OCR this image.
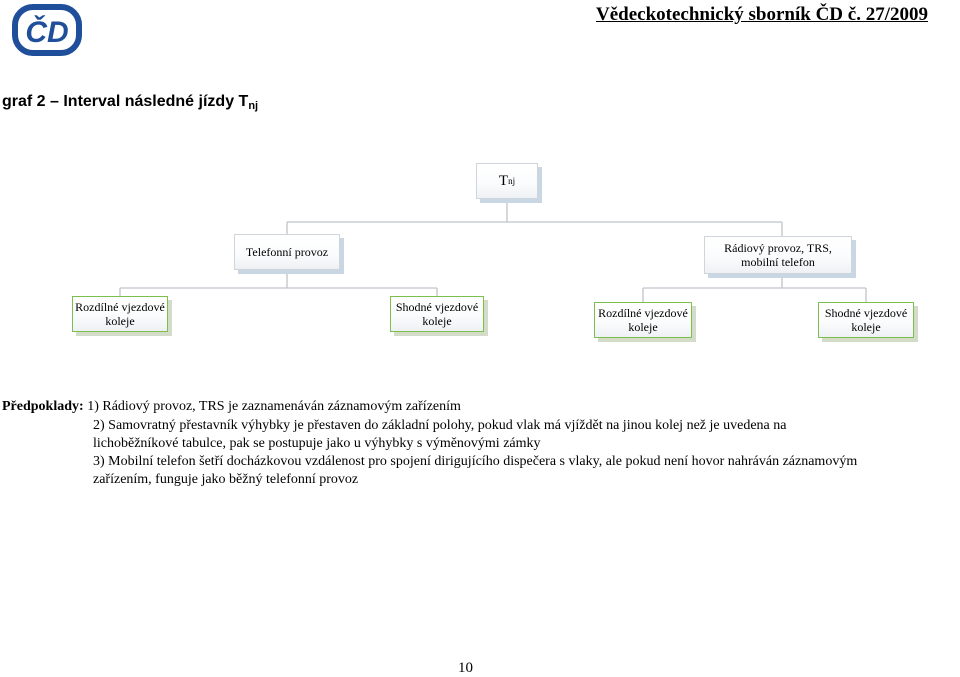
ČD
Vědeckotechnický sborník ČD č. 27/2009
graf 2 – Interval následné jízdy $T_{nj}$
T nj
Telefonní provoz	Rádiový provoz, TRS,
mobilní telefon
Rozdílné vjezdové
koleje
Shodné vjezdové
koleje
Rozdílné vjezdové
koleje
Shodné vjezdové
koleje
Předpoklady: 1) Rádiový provoz, TRS je zaznamenáván záznamovým zařízením
2) Samovratný přestavník výhybky je přestaven do základní polohy, pokud vlak má vjíždět na jinou kolej než je uvedena na
lichoběžníkové tabulce, pak se postupuje jako u výhybky s výměnovými zámky
3) Mobilní telefon šetří docházkovou vzdálenost pro spojení dirigujícího dispečera s vlaky, ale pokud není hovor nahráván záznamovým
zařízením, funguje jako běžný telefonní provoz
10
